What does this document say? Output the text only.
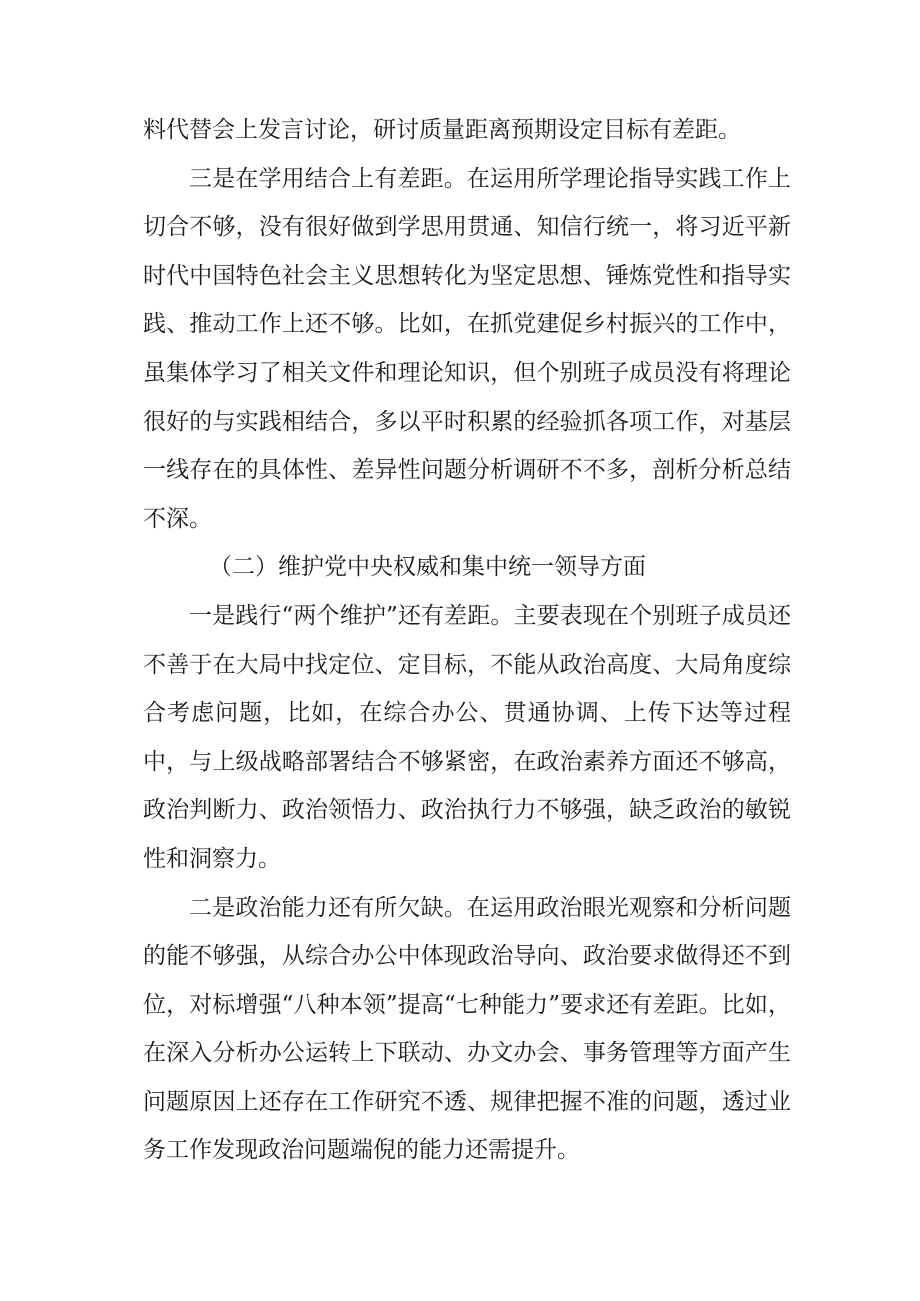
料代替会上发言讨论，研讨质量距离预期设定目标有差距。

三是在学用结合上有差距。在运用所学理论指导实践工作上切合不够，没有很好做到学思用贯通、知信行统一，将习近平新时代中国特色社会主义思想转化为坚定思想、锤炼党性和指导实践、推动工作上还不够。比如，在抓党建促乡村振兴的工作中，虽集体学习了相关文件和理论知识，但个别班子成员没有将理论很好的与实践相结合，多以平时积累的经验抓各项工作，对基层一线存在的具体性、差异性问题分析调研不不多，剖析分析总结不深。

（二）维护党中央权威和集中统一领导方面

一是践行“两个维护”还有差距。主要表现在个别班子成员还不善于在大局中找定位、定目标，不能从政治高度、大局角度综合考虑问题，比如，在综合办公、贯通协调、上传下达等过程中，与上级战略部署结合不够紧密，在政治素养方面还不够高，政治判断力、政治领悟力、政治执行力不够强，缺乏政治的敏锐性和洞察力。

二是政治能力还有所欠缺。在运用政治眼光观察和分析问题的能不够强，从综合办公中体现政治导向、政治要求做得还不到位，对标增强“八种本领”提高“七种能力”要求还有差距。比如，在深入分析办公运转上下联动、办文办会、事务管理等方面产生问题原因上还存在工作研究不透、规律把握不准的问题，透过业务工作发现政治问题端倪的能力还需提升。
